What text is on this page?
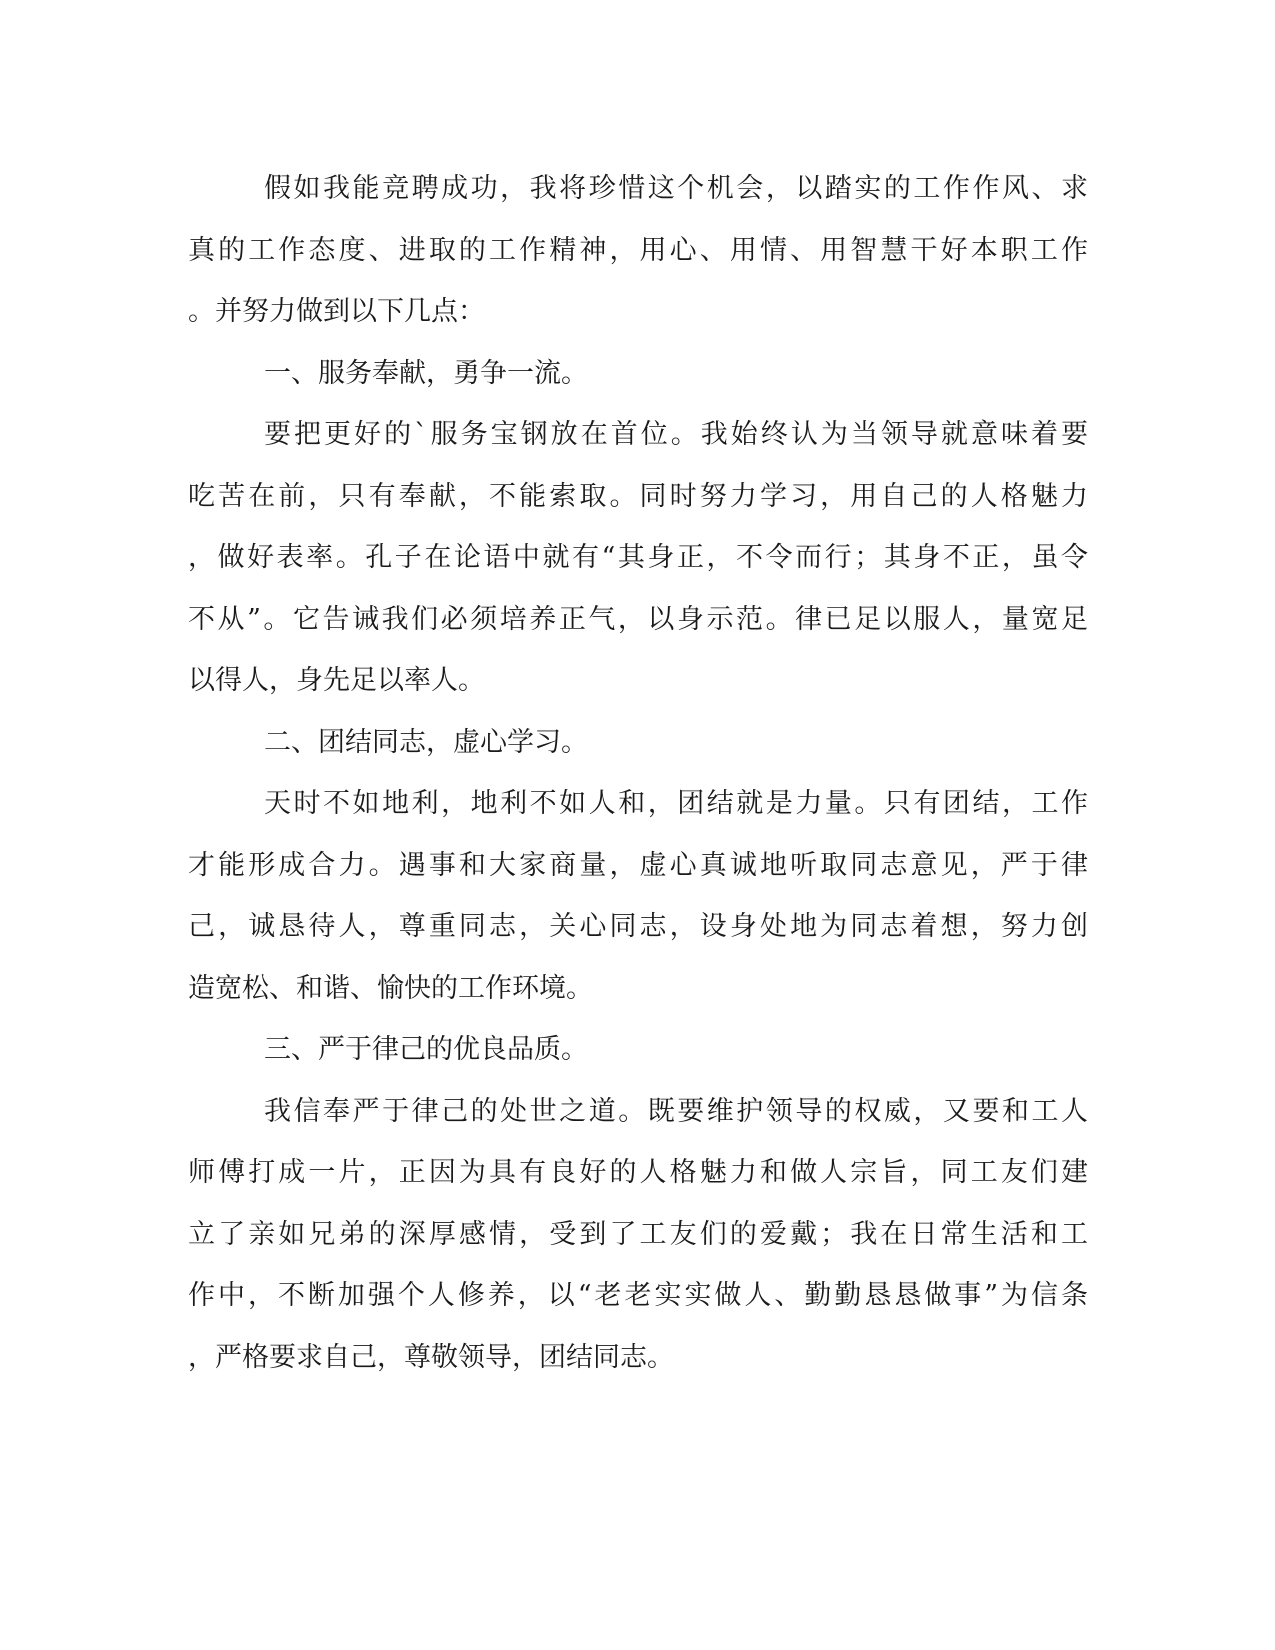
假如我能竞聘成功，我将珍惜这个机会，以踏实的工作作风、求
真的工作态度、进取的工作精神，用心、用情、用智慧干好本职工作
。并努力做到以下几点：
一、服务奉献，勇争一流。
要把更好的`服务宝钢放在首位。我始终认为当领导就意味着要
吃苦在前，只有奉献，不能索取。同时努力学习，用自己的人格魅力
，做好表率。孔子在论语中就有“其身正，不令而行；其身不正，虽令
不从”。它告诫我们必须培养正气，以身示范。律已足以服人，量宽足
以得人，身先足以率人。
二、团结同志，虚心学习。
天时不如地利，地利不如人和，团结就是力量。只有团结，工作
才能形成合力。遇事和大家商量，虚心真诚地听取同志意见，严于律
己，诚恳待人，尊重同志，关心同志，设身处地为同志着想，努力创
造宽松、和谐、愉快的工作环境。
三、严于律己的优良品质。
我信奉严于律己的处世之道。既要维护领导的权威，又要和工人
师傅打成一片，正因为具有良好的人格魅力和做人宗旨，同工友们建
立了亲如兄弟的深厚感情，受到了工友们的爱戴；我在日常生活和工
作中，不断加强个人修养，以“老老实实做人、勤勤恳恳做事”为信条
，严格要求自己，尊敬领导，团结同志。
